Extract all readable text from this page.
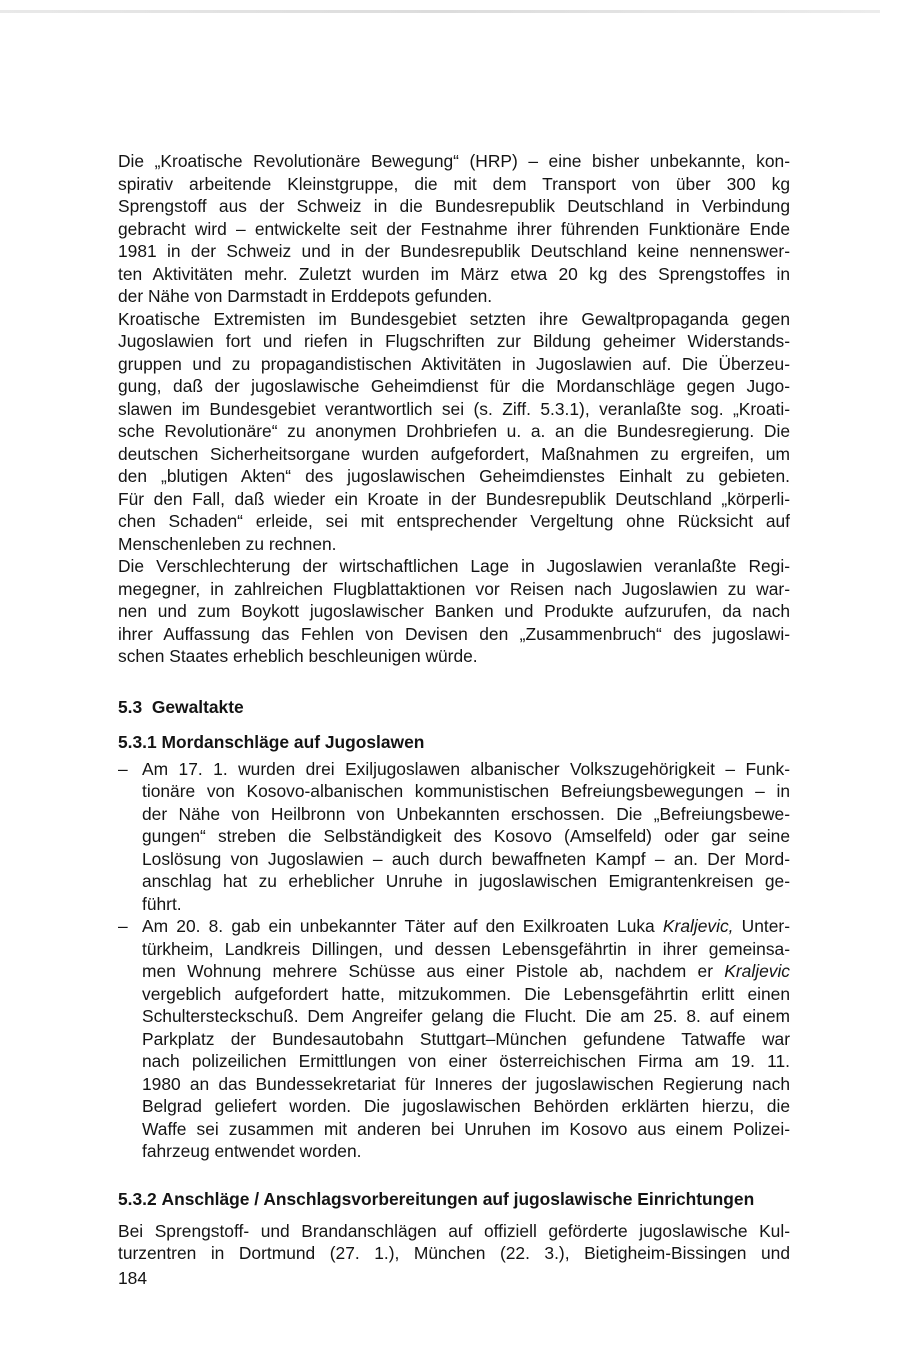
Die „Kroatische Revolutionäre Bewegung“ (HRP) – eine bisher unbekannte, kon-
spirativ arbeitende Kleinstgruppe, die mit dem Transport von über 300 kg
Sprengstoff aus der Schweiz in die Bundesrepublik Deutschland in Verbindung
gebracht wird – entwickelte seit der Festnahme ihrer führenden Funktionäre Ende
1981 in der Schweiz und in der Bundesrepublik Deutschland keine nennenswer-
ten Aktivitäten mehr. Zuletzt wurden im März etwa 20 kg des Sprengstoffes in
der Nähe von Darmstadt in Erddepots gefunden.

Kroatische Extremisten im Bundesgebiet setzten ihre Gewaltpropaganda gegen
Jugoslawien fort und riefen in Flugschriften zur Bildung geheimer Widerstands-
gruppen und zu propagandistischen Aktivitäten in Jugoslawien auf. Die Überzeu-
gung, daß der jugoslawische Geheimdienst für die Mordanschläge gegen Jugo-
slawen im Bundesgebiet verantwortlich sei (s. Ziff. 5.3.1), veranlaßte sog. „Kroati-
sche Revolutionäre“ zu anonymen Drohbriefen u. a. an die Bundesregierung. Die
deutschen Sicherheitsorgane wurden aufgefordert, Maßnahmen zu ergreifen, um
den „blutigen Akten“ des jugoslawischen Geheimdienstes Einhalt zu gebieten.
Für den Fall, daß wieder ein Kroate in der Bundesrepublik Deutschland „körperli-
chen Schaden“ erleide, sei mit entsprechender Vergeltung ohne Rücksicht auf
Menschenleben zu rechnen.

Die Verschlechterung der wirtschaftlichen Lage in Jugoslawien veranlaßte Regi-
megegner, in zahlreichen Flugblattaktionen vor Reisen nach Jugoslawien zu war-
nen und zum Boykott jugoslawischer Banken und Produkte aufzurufen, da nach
ihrer Auffassung das Fehlen von Devisen den „Zusammenbruch“ des jugoslawi-
schen Staates erheblich beschleunigen würde.

5.3 Gewaltakte
5.3.1 Mordanschläge auf Jugoslawen
– Am 17. 1. wurden drei Exiljugoslawen albanischer Volkszugehörigkeit – Funk-
tionäre von Kosovo-albanischen kommunistischen Befreiungsbewegungen – in
der Nähe von Heilbronn von Unbekannten erschossen. Die „Befreiungsbewe-
gungen“ streben die Selbständigkeit des Kosovo (Amselfeld) oder gar seine
Loslösung von Jugoslawien – auch durch bewaffneten Kampf – an. Der Mord-
anschlag hat zu erheblicher Unruhe in jugoslawischen Emigrantenkreisen ge-
führt.

– Am 20. 8. gab ein unbekannter Täter auf den Exilkroaten Luka Kraljevic, Unter-
türkheim, Landkreis Dillingen, und dessen Lebensgefährtin in ihrer gemeinsa-
men Wohnung mehrere Schüsse aus einer Pistole ab, nachdem er Kraljevic
vergeblich aufgefordert hatte, mitzukommen. Die Lebensgefährtin erlitt einen
Schultersteckschuß. Dem Angreifer gelang die Flucht. Die am 25. 8. auf einem
Parkplatz der Bundesautobahn Stuttgart–München gefundene Tatwaffe war
nach polizeilichen Ermittlungen von einer österreichischen Firma am 19. 11.
1980 an das Bundessekretariat für Inneres der jugoslawischen Regierung nach
Belgrad geliefert worden. Die jugoslawischen Behörden erklärten hierzu, die
Waffe sei zusammen mit anderen bei Unruhen im Kosovo aus einem Polizei-
fahrzeug entwendet worden.

5.3.2 Anschläge / Anschlagsvorbereitungen auf jugoslawische Einrichtungen

Bei Sprengstoff- und Brandanschlägen auf offiziell geförderte jugoslawische Kul-
turzentren in Dortmund (27. 1.), München (22. 3.), Bietigheim-Bissingen und

184
